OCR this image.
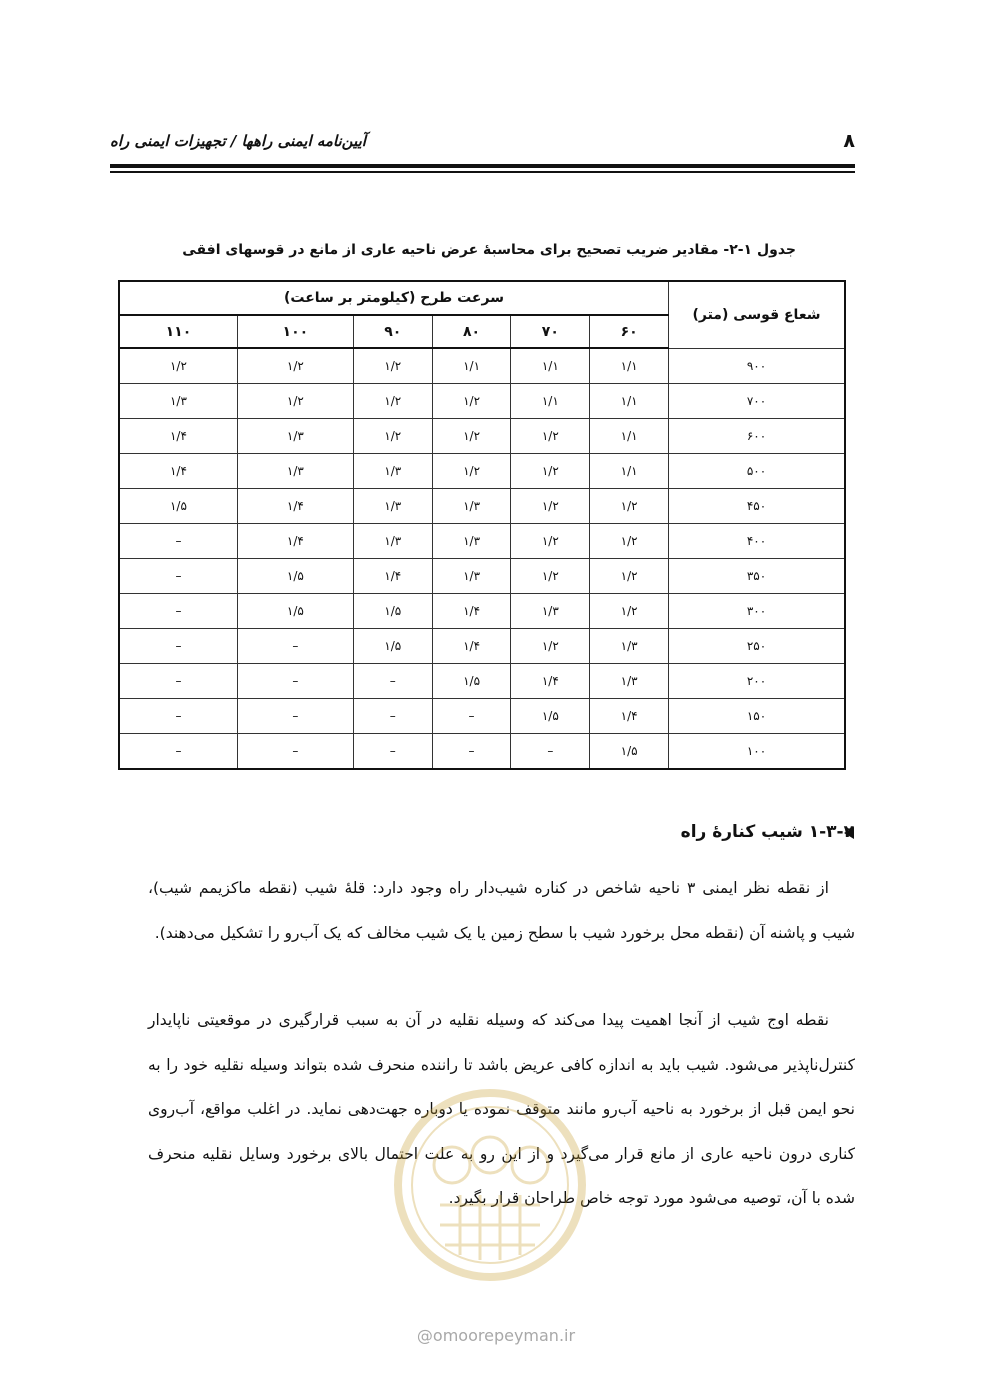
۸
آیین‌نامه ایمنی راهها / تجهیزات ایمنی راه
جدول ۱-۲- مقادیر ضریب تصحیح برای محاسبهٔ عرض ناحیه عاری از مانع در قوسهای افقی
شعاع قوسی (متر)	سرعت طرح (کیلومتر بر ساعت)					
	۶۰	۷۰	۸۰	۹۰	۱۰۰	۱۱۰
۹۰۰	۱/۱	۱/۱	۱/۱	۱/۲	۱/۲	۱/۲
۷۰۰	۱/۱	۱/۱	۱/۲	۱/۲	۱/۲	۱/۳
۶۰۰	۱/۱	۱/۲	۱/۲	۱/۲	۱/۳	۱/۴
۵۰۰	۱/۱	۱/۲	۱/۲	۱/۳	۱/۳	۱/۴
۴۵۰	۱/۲	۱/۲	۱/۳	۱/۳	۱/۴	۱/۵
۴۰۰	۱/۲	۱/۲	۱/۳	۱/۳	۱/۴	–
۳۵۰	۱/۲	۱/۲	۱/۳	۱/۴	۱/۵	–
۳۰۰	۱/۲	۱/۳	۱/۴	۱/۵	۱/۵	–
۲۵۰	۱/۳	۱/۲	۱/۴	۱/۵	–	–
۲۰۰	۱/۳	۱/۴	۱/۵	–	–	–
۱۵۰	۱/۴	۱/۵	–	–	–	–
۱۰۰	۱/۵	–	–	–	–	–
۱-۳-۲ شیب کنارهٔ راه

از نقطه نظر ایمنی ۳ ناحیه شاخص در کناره شیب‌دار راه وجود دارد: قلهٔ شیب (نقطه ماکزیمم شیب)، شیب و پاشنه آن (نقطه محل برخورد شیب با سطح زمین یا یک شیب مخالف که یک آب‌رو را تشکیل می‌دهند).

نقطه اوج شیب از آنجا اهمیت پیدا می‌کند که وسیله نقلیه در آن به سبب قرارگیری در موقعیتی ناپایدار کنترل‌ناپذیر می‌شود. شیب باید به اندازه کافی عریض باشد تا راننده منحرف شده بتواند وسیله نقلیه خود را به نحو ایمن قبل از برخورد به ناحیه آب‌رو مانند متوقف نموده یا دوباره جهت‌دهی نماید. در اغلب مواقع، آب‌روی کناری درون ناحیه عاری از مانع قرار می‌گیرد و از این رو به علت احتمال بالای برخورد وسایل نقلیه منحرف شده با آن، توصیه می‌شود مورد توجه خاص طراحان قرار بگیرد.

@omoorepeyman.ir
